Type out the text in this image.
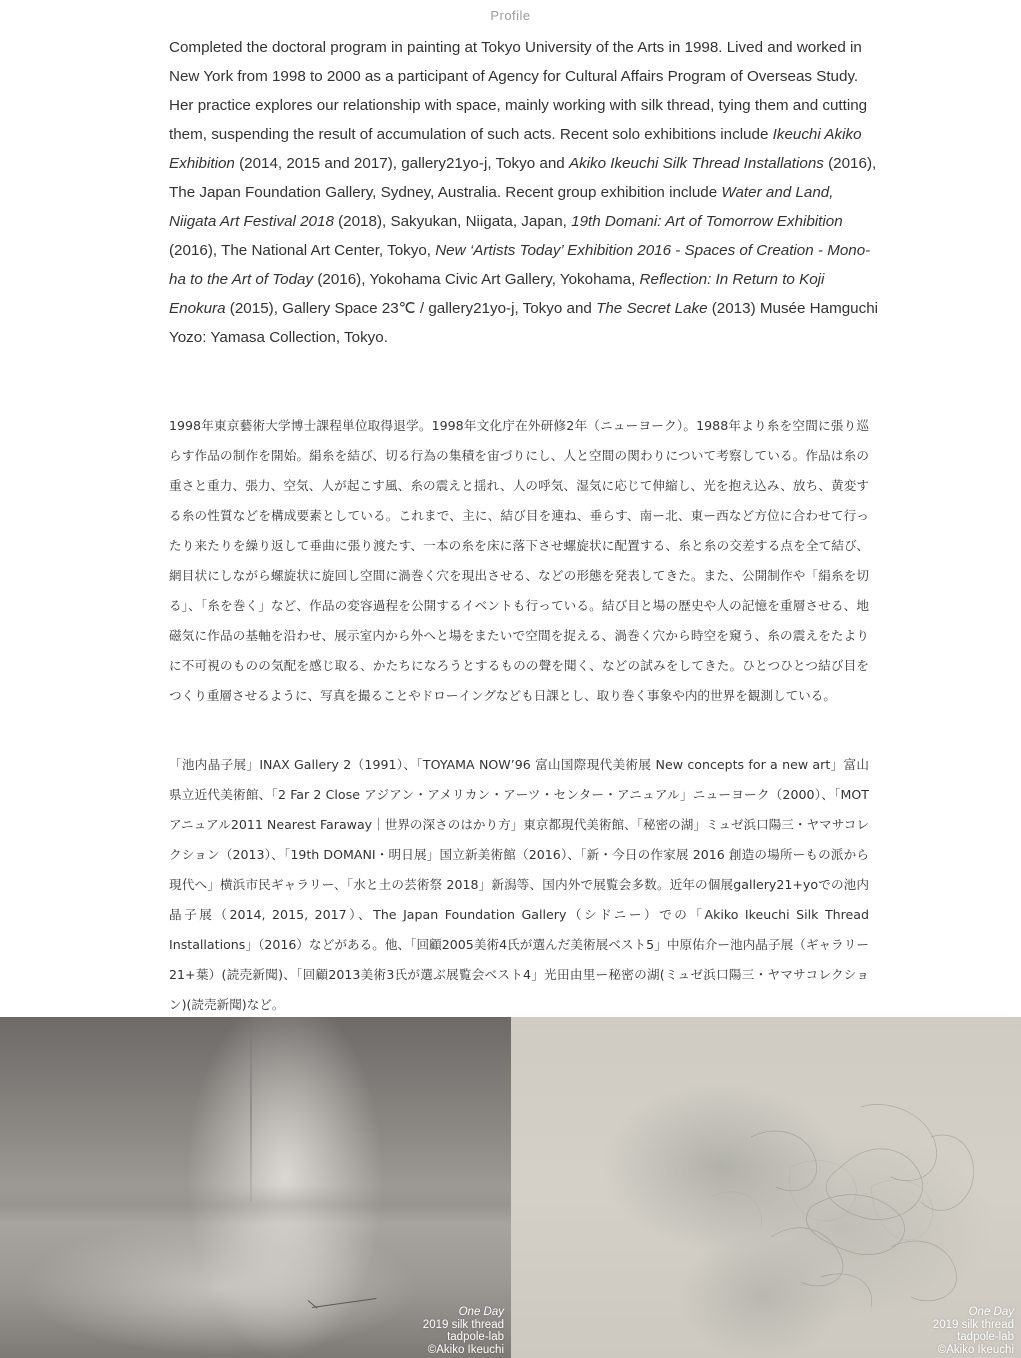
Profile

Completed the doctoral program in painting at Tokyo University of the Arts in 1998. Lived and worked in New York from 1998 to 2000 as a participant of Agency for Cultural Affairs Program of Overseas Study. Her practice explores our relationship with space, mainly working with silk thread, tying them and cutting them, suspending the result of accumulation of such acts. Recent solo exhibitions include Ikeuchi Akiko Exhibition (2014, 2015 and 2017), gallery21yo-j, Tokyo and Akiko Ikeuchi Silk Thread Installations (2016), The Japan Foundation Gallery, Sydney, Australia. Recent group exhibition include Water and Land, Niigata Art Festival 2018 (2018), Sakyukan, Niigata, Japan, 19th Domani: Art of Tomorrow Exhibition (2016), The National Art Center, Tokyo, New ‘Artists Today’ Exhibition 2016 - Spaces of Creation - Mono-ha to the Art of Today (2016), Yokohama Civic Art Gallery, Yokohama, Reflection: In Return to Koji Enokura (2015), Gallery Space 23℃ / gallery21yo-j, Tokyo and The Secret Lake (2013) Musée Hamguchi Yozo: Yamasa Collection, Tokyo.

1998年東京藝術大学博士課程単位取得退学。1998年文化庁在外研修2年（ニューヨーク）。1988年より糸を空間に張り巡らす作品の制作を開始。絹糸を結び、切る行為の集積を宙づりにし、人と空間の関わりについて考察している。作品は糸の重さと重力、張力、空気、人が起こす風、糸の震えと揺れ、人の呼気、湿気に応じて伸縮し、光を抱え込み、放ち、黄変する糸の性質などを構成要素としている。これまで、主に、結び目を連ね、垂らす、南ー北、東ー西など方位に合わせて行ったり来たりを繰り返して垂曲に張り渡たす、一本の糸を床に落下させ螺旋状に配置する、糸と糸の交差する点を全て結び、網目状にしながら螺旋状に旋回し空間に渦巻く穴を現出させる、などの形態を発表してきた。また、公開制作や「絹糸を切る」、「糸を巻く」など、作品の変容過程を公開するイベントも行っている。結び目と場の歴史や人の記憶を重層させる、地磁気に作品の基軸を沿わせ、展示室内から外へと場をまたいで空間を捉える、渦巻く穴から時空を窺う、糸の震えをたよりに不可視のものの気配を感じ取る、かたちになろうとするものの聲を聞く、などの試みをしてきた。ひとつひとつ結び目をつくり重層させるように、写真を撮ることやドローイングなども日課とし、取り巻く事象や内的世界を観測している。

「池内晶子展」INAX Gallery 2（1991）、「TOYAMA NOW’96 富山国際現代美術展 New concepts for a new art」富山県立近代美術館、「2 Far 2 Close アジアン・アメリカン・アーツ・センター・アニュアル」ニューヨーク（2000）、「MOTアニュアル2011 Nearest Faraway｜世界の深さのはかり方」東京都現代美術館、「秘密の湖」ミュゼ浜口陽三・ヤマサコレクション（2013）、「19th DOMANI・明日展」国立新美術館（2016）、「新・今日の作家展 2016 創造の場所ーもの派から現代へ」横浜市民ギャラリー、「水と土の芸術祭 2018」新潟等、国内外で展覧会多数。近年の個展gallery21+yoでの池内晶子展（2014, 2015, 2017）、The Japan Foundation Gallery（シドニー）での「Akiko Ikeuchi Silk Thread Installations」（2016）などがある。他、「回顧2005美術4氏が選んだ美術展ベスト5」中原佑介ー池内晶子展（ギャラリー21+葉）(読売新聞)、「回顧2013美術3氏が選ぶ展覧会ベスト4」光田由里ー秘密の湖(ミュゼ浜口陽三・ヤマサコレクション)(読売新聞)など。

One Day
2019 silk thread
tadpole-lab
©Akiko Ikeuchi
One Day
2019 silk thread
tadpole-lab
©Akiko Ikeuchi
